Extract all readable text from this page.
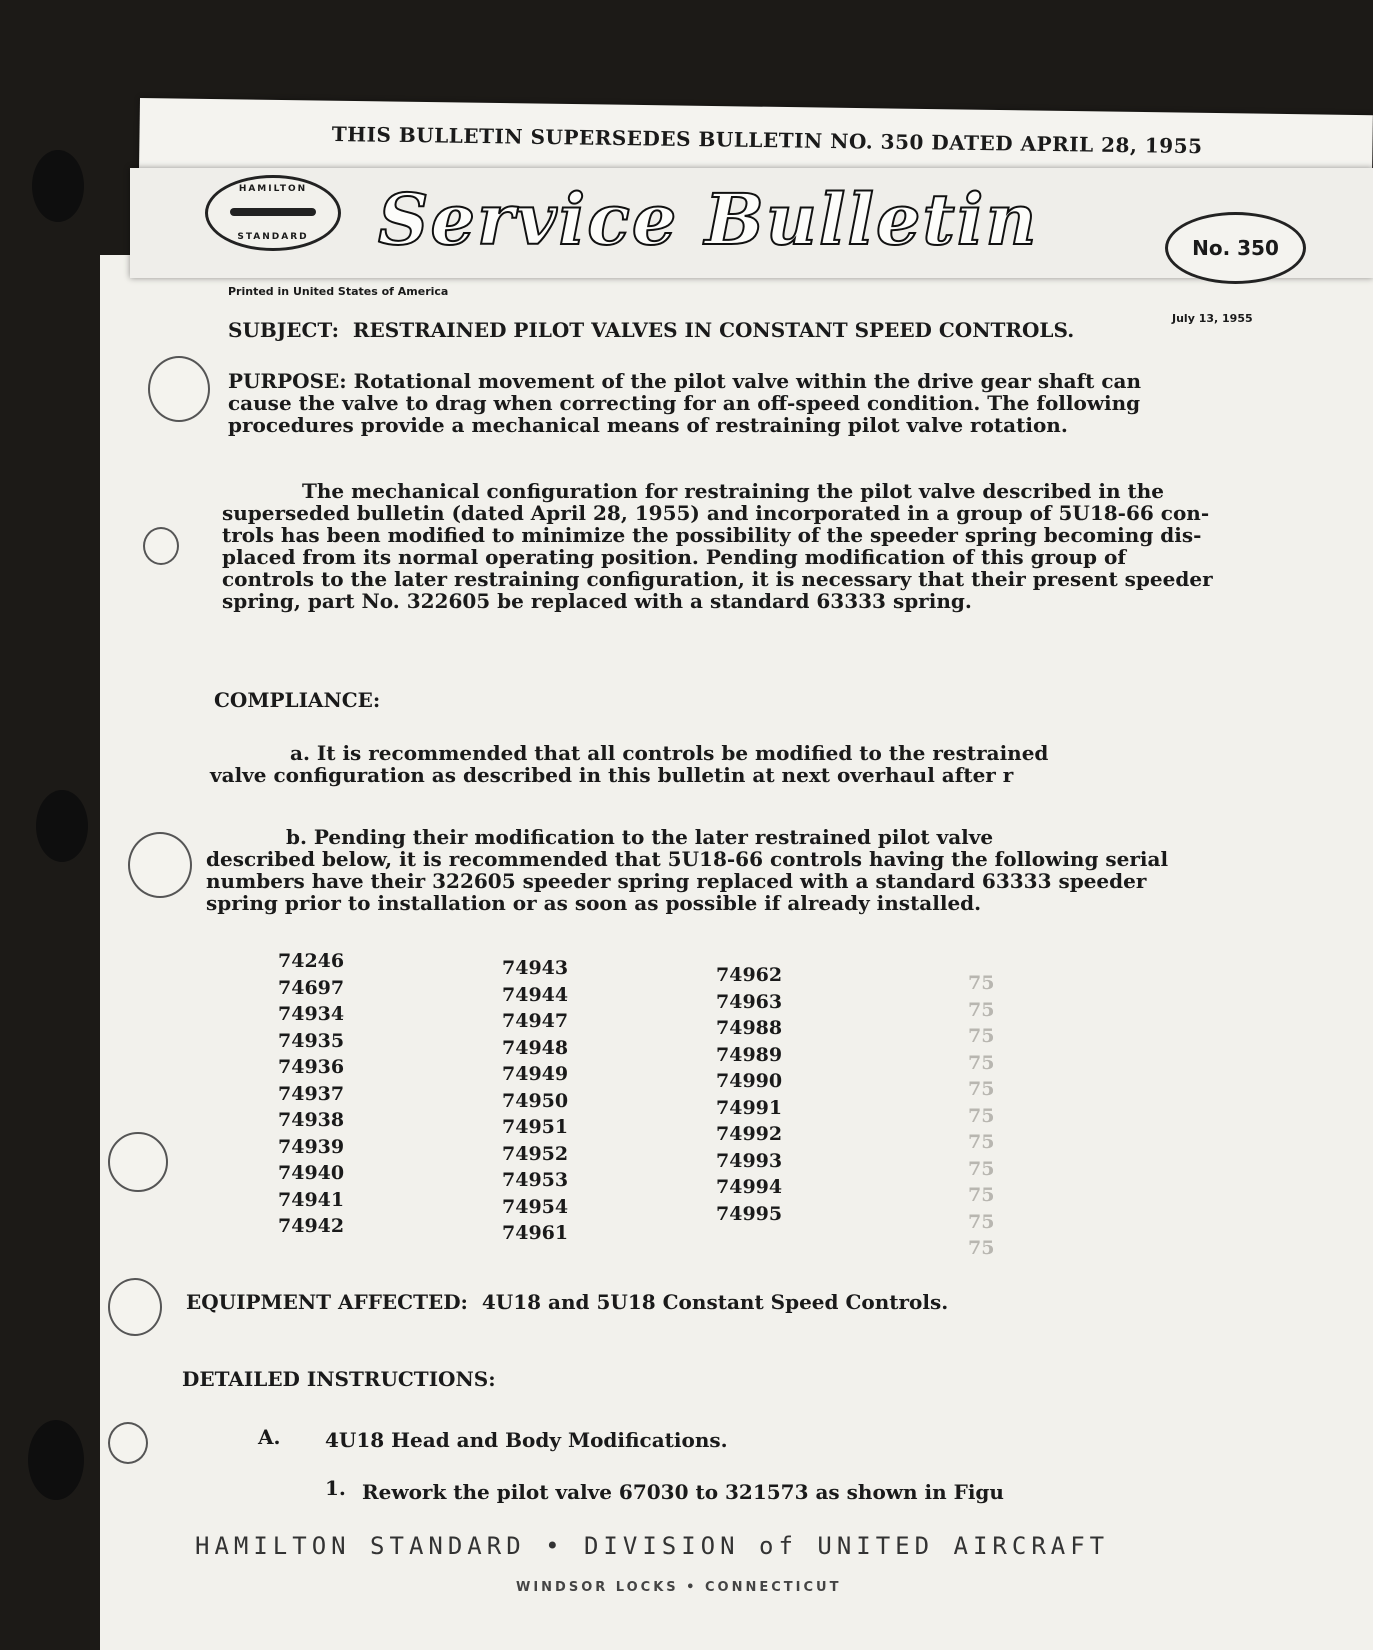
THIS BULLETIN SUPERSEDES BULLETIN NO. 350 DATED APRIL 28, 1955
HAMILTON
STANDARD Service Bulletin	No. 350
Printed in United States of America
July 13, 1955
SUBJECT: RESTRAINED PILOT VALVES IN CONSTANT SPEED CONTROLS.
PURPOSE: Rotational movement of the pilot valve within the drive gear shaft can
cause the valve to drag when correcting for an off-speed condition. The following
procedures provide a mechanical means of restraining pilot valve rotation.
The mechanical configuration for restraining the pilot valve described in the
superseded bulletin (dated April 28, 1955) and incorporated in a group of 5U18-66 con-
trols has been modified to minimize the possibility of the speeder spring becoming dis-
placed from its normal operating position. Pending modification of this group of
controls to the later restraining configuration, it is necessary that their present speeder
spring, part No. 322605 be replaced with a standard 63333 spring.
COMPLIANCE:
a. It is recommended that all controls be modified to the restrained
valve configuration as described in this bulletin at next overhaul after r
b. Pending their modification to the later restrained pilot valve
described below, it is recommended that 5U18-66 controls having the following serial
numbers have their 322605 speeder spring replaced with a standard 63333 speeder
spring prior to installation or as soon as possible if already installed.
74246
74697
74934
74935
74936
74937
74938
74939
74940
74941
74942
74943
74944
74947
74948
74949
74950
74951
74952
74953
74954
74961
74962
74963
74988
74989
74990
74991
74992
74993
74994
74995
75
75
75
75
75
75
75
75
75
75
75
EQUIPMENT AFFECTED: 4U18 and 5U18 Constant Speed Controls.
DETAILED INSTRUCTIONS:
A. 4U18 Head and Body Modifications.
1. Rework the pilot valve 67030 to 321573 as shown in Figu
HAMILTON STANDARD • DIVISION of UNITED AIRCRAFT
WINDSOR LOCKS • CONNECTICUT
